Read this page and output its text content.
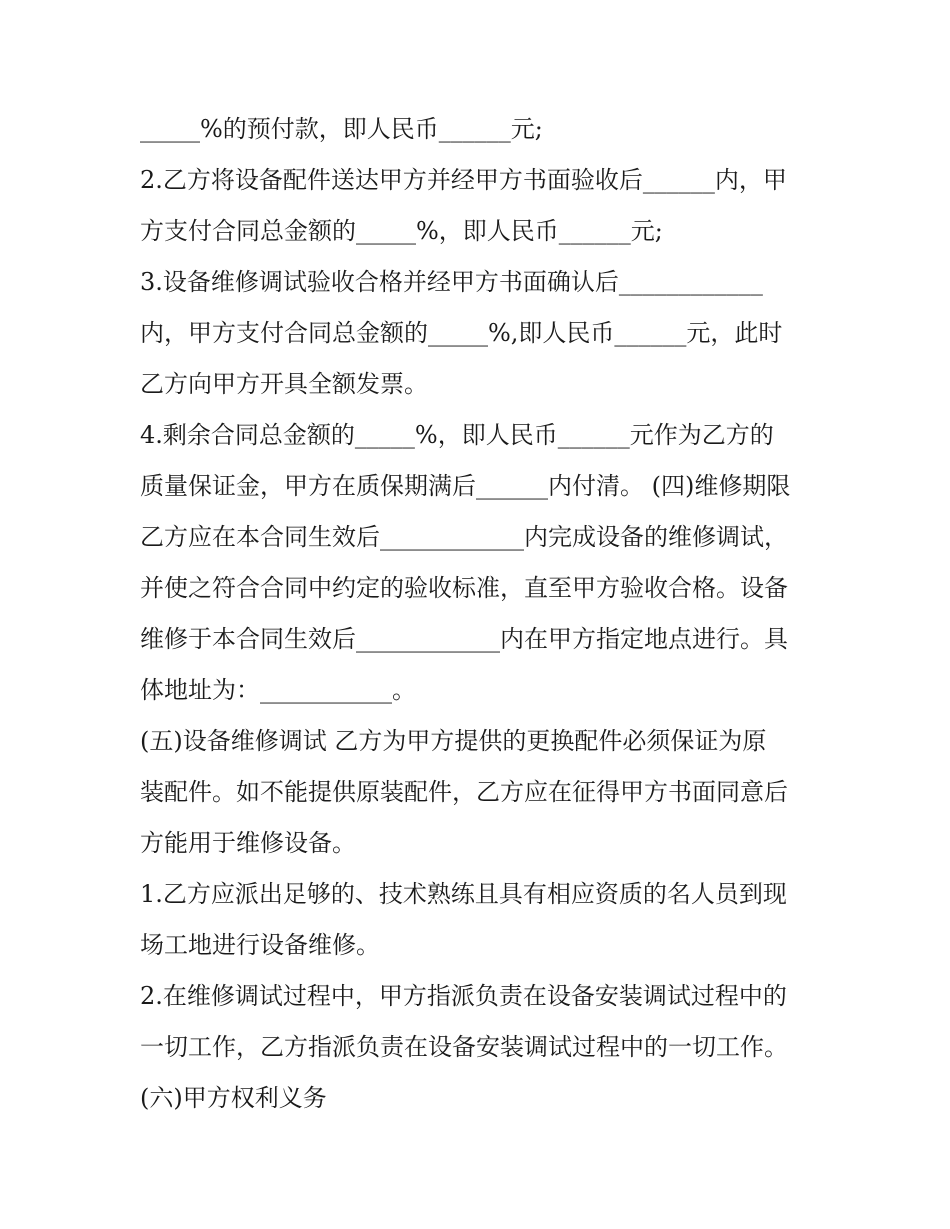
_____%的预付款，即人民币______元;
2.乙方将设备配件送达甲方并经甲方书面验收后______内，甲
方支付合同总金额的_____%，即人民币______元;
3.设备维修调试验收合格并经甲方书面确认后____________
内，甲方支付合同总金额的_____%,即人民币______元，此时
乙方向甲方开具全额发票。
4.剩余合同总金额的_____%，即人民币______元作为乙方的
质量保证金，甲方在质保期满后______内付清。 (四)维修期限
乙方应在本合同生效后____________内完成设备的维修调试，
并使之符合合同中约定的验收标准，直至甲方验收合格。设备
维修于本合同生效后____________内在甲方指定地点进行。具
体地址为：___________。
(五)设备维修调试 乙方为甲方提供的更换配件必须保证为原
装配件。如不能提供原装配件，乙方应在征得甲方书面同意后
方能用于维修设备。
1.乙方应派出足够的、技术熟练且具有相应资质的名人员到现
场工地进行设备维修。
2.在维修调试过程中，甲方指派负责在设备安装调试过程中的
一切工作，乙方指派负责在设备安装调试过程中的一切工作。
(六)甲方权利义务
